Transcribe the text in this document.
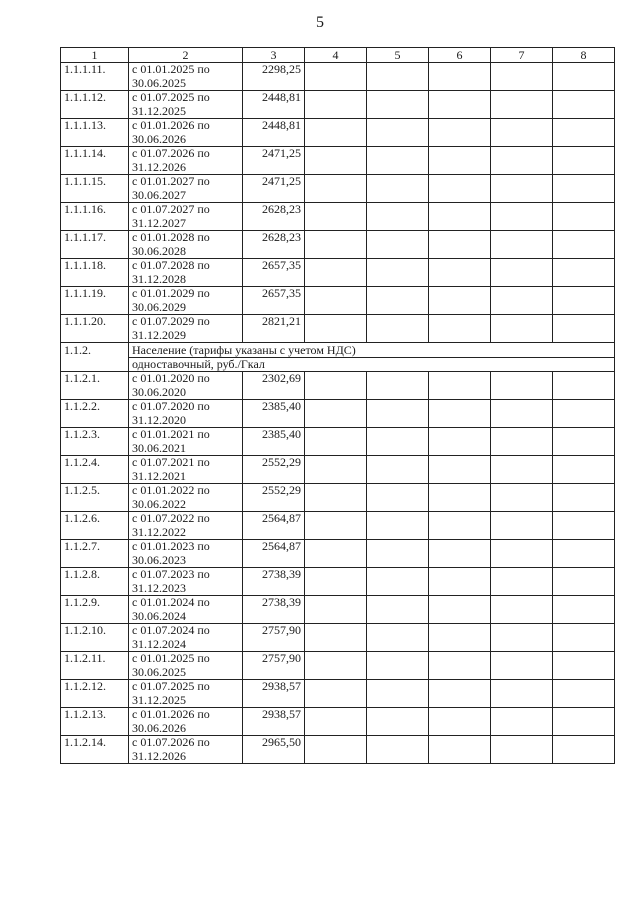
5
1	2	3	4	5	6	7	8
1.1.1.11.	с 01.01.2025 по
30.06.2025	2298,25					
1.1.1.12.	с 01.07.2025 по
31.12.2025	2448,81					
1.1.1.13.	с 01.01.2026 по
30.06.2026	2448,81					
1.1.1.14.	с 01.07.2026 по
31.12.2026	2471,25					
1.1.1.15.	с 01.01.2027 по
30.06.2027	2471,25					
1.1.1.16.	с 01.07.2027 по
31.12.2027	2628,23					
1.1.1.17.	с 01.01.2028 по
30.06.2028	2628,23					
1.1.1.18.	с 01.07.2028 по
31.12.2028	2657,35					
1.1.1.19.	с 01.01.2029 по
30.06.2029	2657,35					
1.1.1.20.	с 01.07.2029 по
31.12.2029	2821,21					
1.1.2.	Население (тарифы указаны с учетом НДС)						
	одноставочный, руб./Гкал						
1.1.2.1.	с 01.01.2020 по
30.06.2020	2302,69					
1.1.2.2.	с 01.07.2020 по
31.12.2020	2385,40					
1.1.2.3.	с 01.01.2021 по
30.06.2021	2385,40					
1.1.2.4.	с 01.07.2021 по
31.12.2021	2552,29					
1.1.2.5.	с 01.01.2022 по
30.06.2022	2552,29					
1.1.2.6.	с 01.07.2022 по
31.12.2022	2564,87					
1.1.2.7.	с 01.01.2023 по
30.06.2023	2564,87					
1.1.2.8.	с 01.07.2023 по
31.12.2023	2738,39					
1.1.2.9.	с 01.01.2024 по
30.06.2024	2738,39					
1.1.2.10.	с 01.07.2024 по
31.12.2024	2757,90					
1.1.2.11.	с 01.01.2025 по
30.06.2025	2757,90					
1.1.2.12.	с 01.07.2025 по
31.12.2025	2938,57					
1.1.2.13.	с 01.01.2026 по
30.06.2026	2938,57					
1.1.2.14.	с 01.07.2026 по
31.12.2026	2965,50					
